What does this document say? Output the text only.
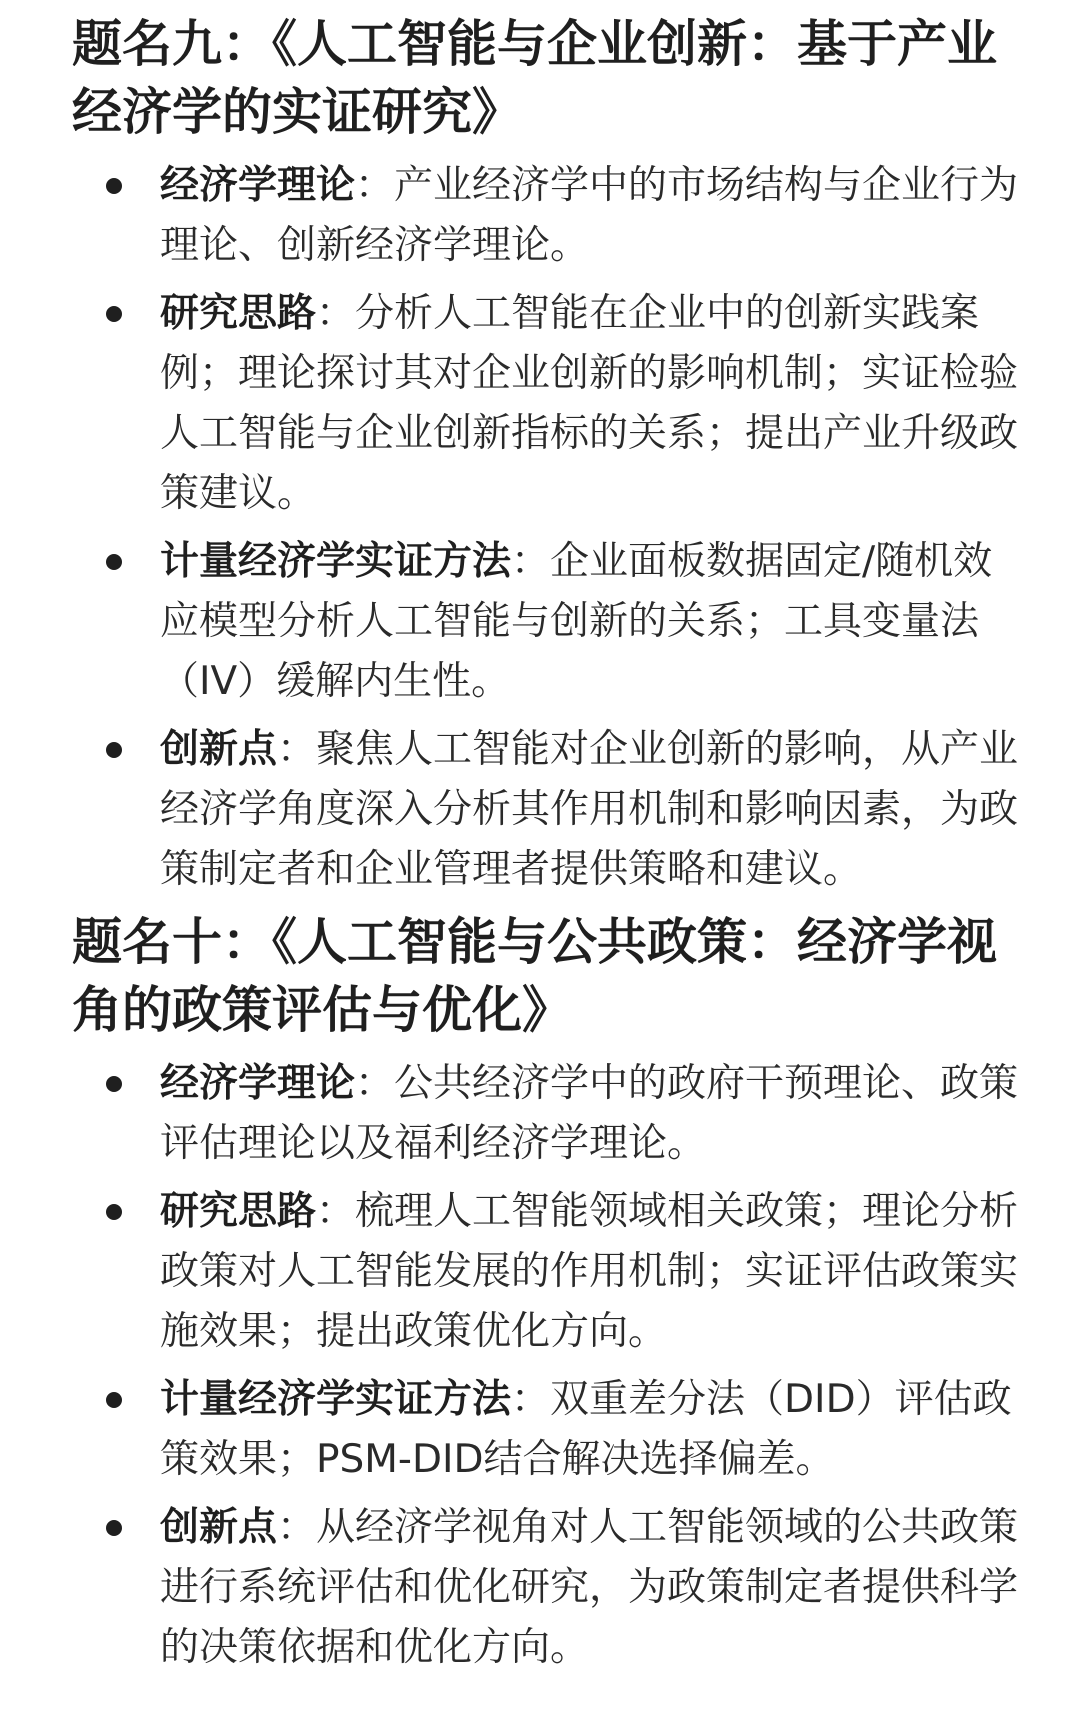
题名九：《人工智能与企业创新：基于产业经济学的实证研究》
经济学理论：产业经济学中的市场结构与企业行为理论、创新经济学理论。
研究思路：分析人工智能在企业中的创新实践案例；理论探讨其对企业创新的影响机制；实证检验人工智能与企业创新指标的关系；提出产业升级政策建议。
计量经济学实证方法：企业面板数据固定/随机效应模型分析人工智能与创新的关系；工具变量法（IV）缓解内生性。
创新点：聚焦人工智能对企业创新的影响，从产业经济学角度深入分析其作用机制和影响因素，为政策制定者和企业管理者提供策略和建议。
题名十：《人工智能与公共政策：经济学视角的政策评估与优化》
经济学理论：公共经济学中的政府干预理论、政策评估理论以及福利经济学理论。
研究思路：梳理人工智能领域相关政策；理论分析政策对人工智能发展的作用机制；实证评估政策实施效果；提出政策优化方向。
计量经济学实证方法：双重差分法（DID）评估政策效果；PSM-DID结合解决选择偏差。
创新点：从经济学视角对人工智能领域的公共政策进行系统评估和优化研究，为政策制定者提供科学的决策依据和优化方向。
